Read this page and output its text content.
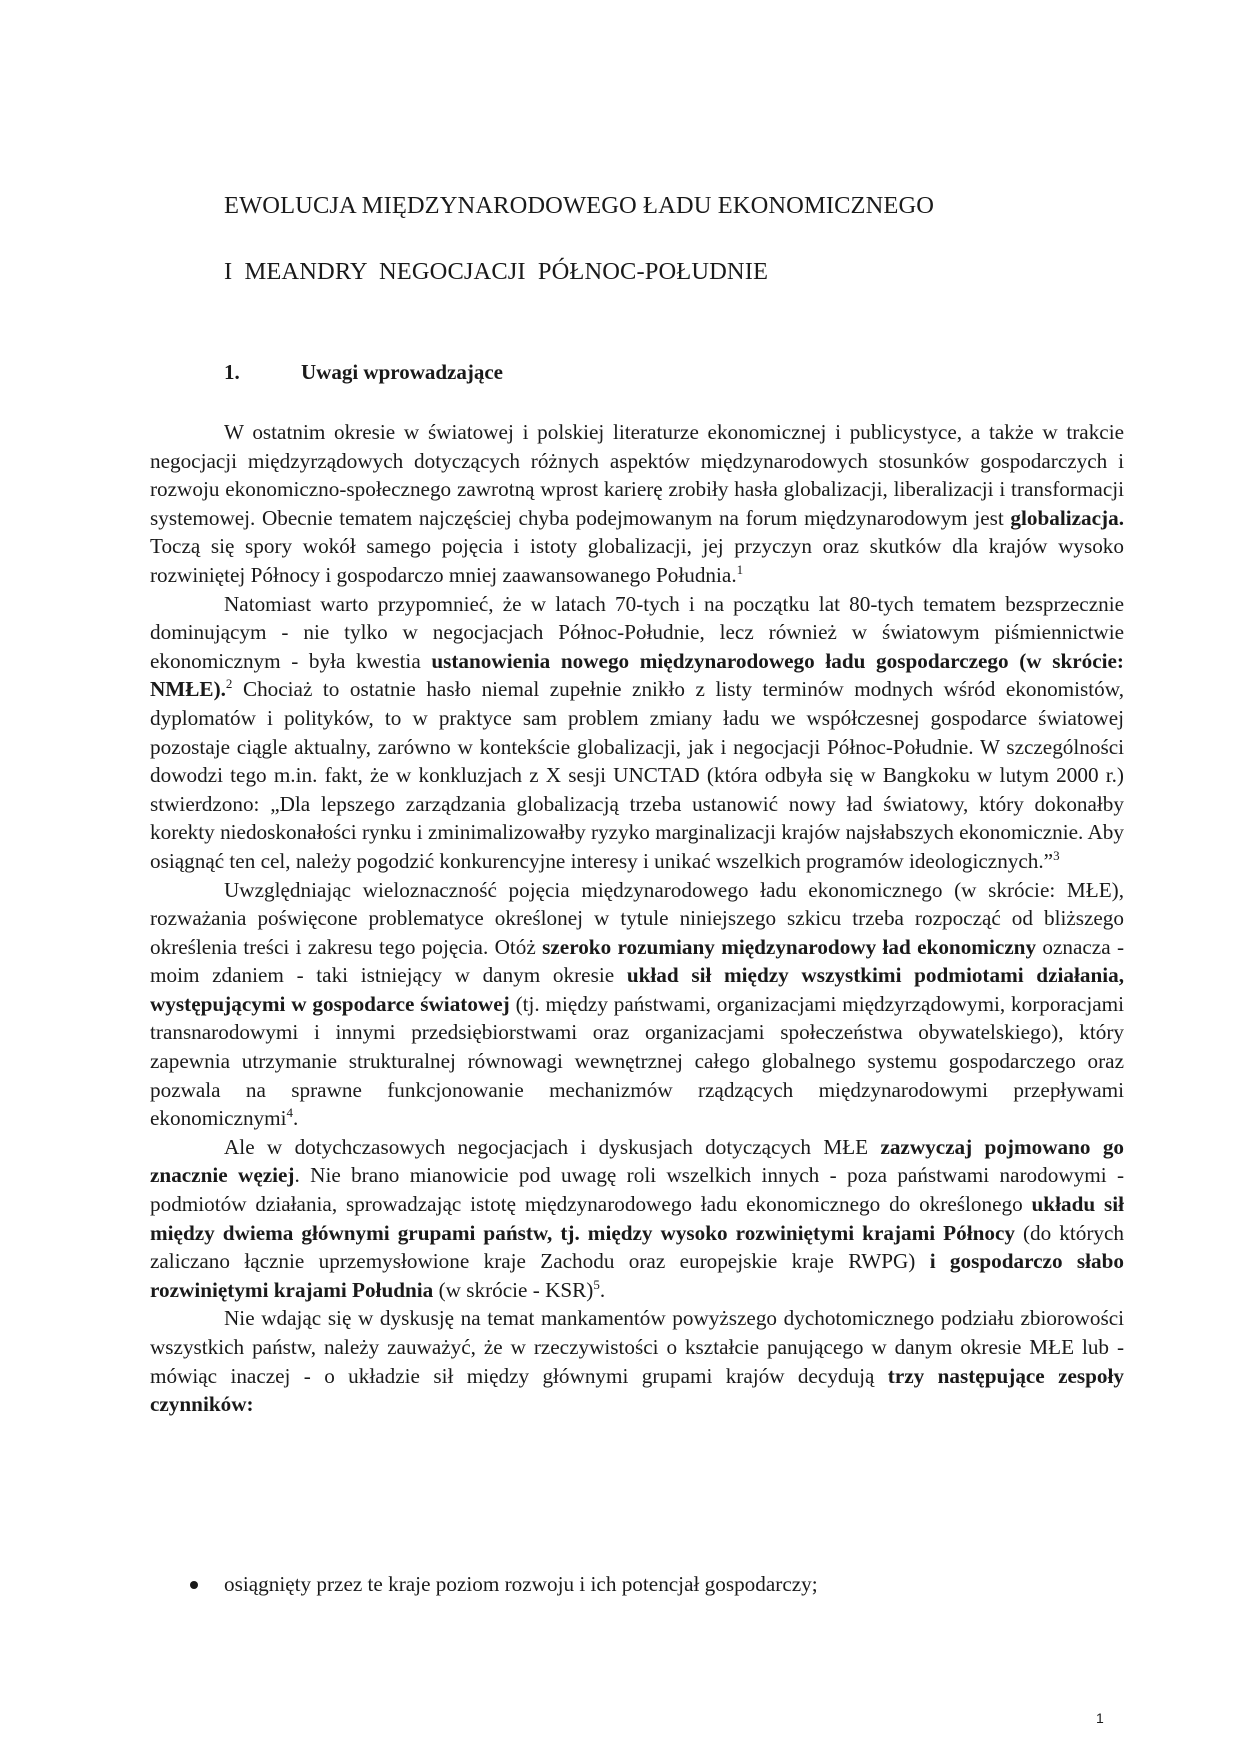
EWOLUCJA MIĘDZYNARODOWEGO ŁADU EKONOMICZNEGO
I MEANDRY NEGOCJACJI PÓŁNOC-POŁUDNIE
1.	Uwagi wprowadzające

W ostatnim okresie w światowej i polskiej literaturze ekonomicznej i publicystyce, a także w trakcie negocjacji międzyrządowych dotyczących różnych aspektów międzynarodowych stosunków gospodarczych i rozwoju ekonomiczno-społecznego zawrotną wprost karierę zrobiły hasła globalizacji, liberalizacji i transformacji systemowej. Obecnie tematem najczęściej chyba podejmowanym na forum międzynarodowym jest globalizacja. Toczą się spory wokół samego pojęcia i istoty globalizacji, jej przyczyn oraz skutków dla krajów wysoko rozwiniętej Północy i gospodarczo mniej zaawansowanego Południa.$^1$

Natomiast warto przypomnieć, że w latach 70-tych i na początku lat 80-tych tematem bezsprzecznie dominującym - nie tylko w negocjacjach Północ-Południe, lecz również w światowym piśmiennictwie ekonomicznym - była kwestia ustanowienia nowego międzynarodowego ładu gospodarczego (w skrócie: NMŁE).$^2$ Chociaż to ostatnie hasło niemal zupełnie znikło z listy terminów modnych wśród ekonomistów, dyplomatów i polityków, to w praktyce sam problem zmiany ładu we współczesnej gospodarce światowej pozostaje ciągle aktualny, zarówno w kontekście globalizacji, jak i negocjacji Północ-Południe. W szczególności dowodzi tego m.in. fakt, że w konkluzjach z X sesji UNCTAD (która odbyła się w Bangkoku w lutym 2000 r.) stwierdzono: „Dla lepszego zarządzania globalizacją trzeba ustanowić nowy ład światowy, który dokonałby korekty niedoskonałości rynku i zminimalizowałby ryzyko marginalizacji krajów najsłabszych ekonomicznie. Aby osiągnąć ten cel, należy pogodzić konkurencyjne interesy i unikać wszelkich programów ideologicznych.”$^3$

Uwzględniając wieloznaczność pojęcia międzynarodowego ładu ekonomicznego (w skrócie: MŁE), rozważania poświęcone problematyce określonej w tytule niniejszego szkicu trzeba rozpocząć od bliższego określenia treści i zakresu tego pojęcia. Otóż szeroko rozumiany międzynarodowy ład ekonomiczny oznacza - moim zdaniem - taki istniejący w danym okresie układ sił między wszystkimi podmiotami działania, występującymi w gospodarce światowej (tj. między państwami, organizacjami międzyrządowymi, korporacjami transnarodowymi i innymi przedsiębiorstwami oraz organizacjami społeczeństwa obywatelskiego), który zapewnia utrzymanie strukturalnej równowagi wewnętrznej całego globalnego systemu gospodarczego oraz pozwala na sprawne funkcjonowanie mechanizmów rządzących międzynarodowymi przepływami ekonomicznymi$^4$.

Ale w dotychczasowych negocjacjach i dyskusjach dotyczących MŁE zazwyczaj pojmowano go znacznie węziej. Nie brano mianowicie pod uwagę roli wszelkich innych - poza państwami narodowymi - podmiotów działania, sprowadzając istotę międzynarodowego ładu ekonomicznego do określonego układu sił między dwiema głównymi grupami państw, tj. między wysoko rozwiniętymi krajami Północy (do których zaliczano łącznie uprzemysłowione kraje Zachodu oraz europejskie kraje RWPG) i gospodarczo słabo rozwiniętymi krajami Południa (w skrócie - KSR)$^5$.

Nie wdając się w dyskusję na temat mankamentów powyższego dychotomicznego podziału zbiorowości wszystkich państw, należy zauważyć, że w rzeczywistości o kształcie panującego w danym okresie MŁE lub - mówiąc inaczej - o układzie sił między głównymi grupami krajów decydują trzy następujące zespoły czynników:

osiągnięty przez te kraje poziom rozwoju i ich potencjał gospodarczy;
1
